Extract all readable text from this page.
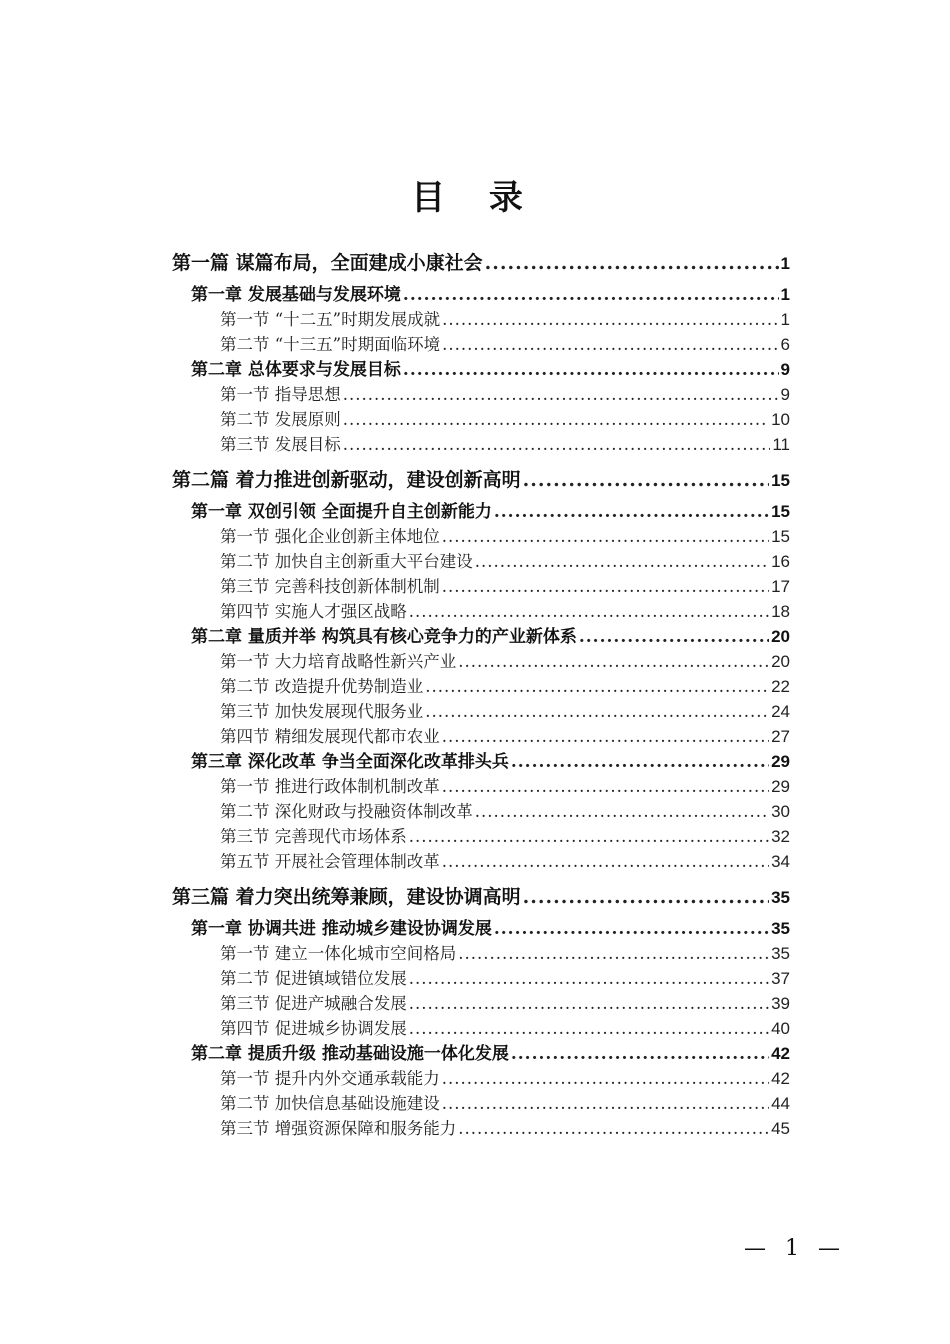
目 录
第一篇 谋篇布局，全面建成小康社会 .....	1
第一章 发展基础与发展环境 .....	1
第一节 “十二五”时期发展成就 .....	1
第二节 “十三五”时期面临环境 .....	6
第二章 总体要求与发展目标 .....	9
第一节 指导思想 .....	9
第二节 发展原则 .....	10
第三节 发展目标 .....	11
第二篇 着力推进创新驱动，建设创新高明 .....	15
第一章 双创引领 全面提升自主创新能力 .....	15
第一节 强化企业创新主体地位 .....	15
第二节 加快自主创新重大平台建设 .....	16
第三节 完善科技创新体制机制 .....	17
第四节 实施人才强区战略 .....	18
第二章 量质并举 构筑具有核心竞争力的产业新体系 .....	20
第一节 大力培育战略性新兴产业 .....	20
第二节 改造提升优势制造业 .....	22
第三节 加快发展现代服务业 .....	24
第四节 精细发展现代都市农业 .....	27
第三章 深化改革 争当全面深化改革排头兵 .....	29
第一节 推进行政体制机制改革 .....	29
第二节 深化财政与投融资体制改革 .....	30
第三节 完善现代市场体系 .....	32
第五节 开展社会管理体制改革 .....	34
第三篇 着力突出统筹兼顾，建设协调高明 .....	35
第一章 协调共进 推动城乡建设协调发展 .....	35
第一节 建立一体化城市空间格局 .....	35
第二节 促进镇域错位发展 .....	37
第三节 促进产城融合发展 .....	39
第四节 促进城乡协调发展 .....	40
第二章 提质升级 推动基础设施一体化发展 .....	42
第一节 提升内外交通承载能力 .....	42
第二节 加快信息基础设施建设 .....	44
第三节 增强资源保障和服务能力 .....	45
— 1 —
